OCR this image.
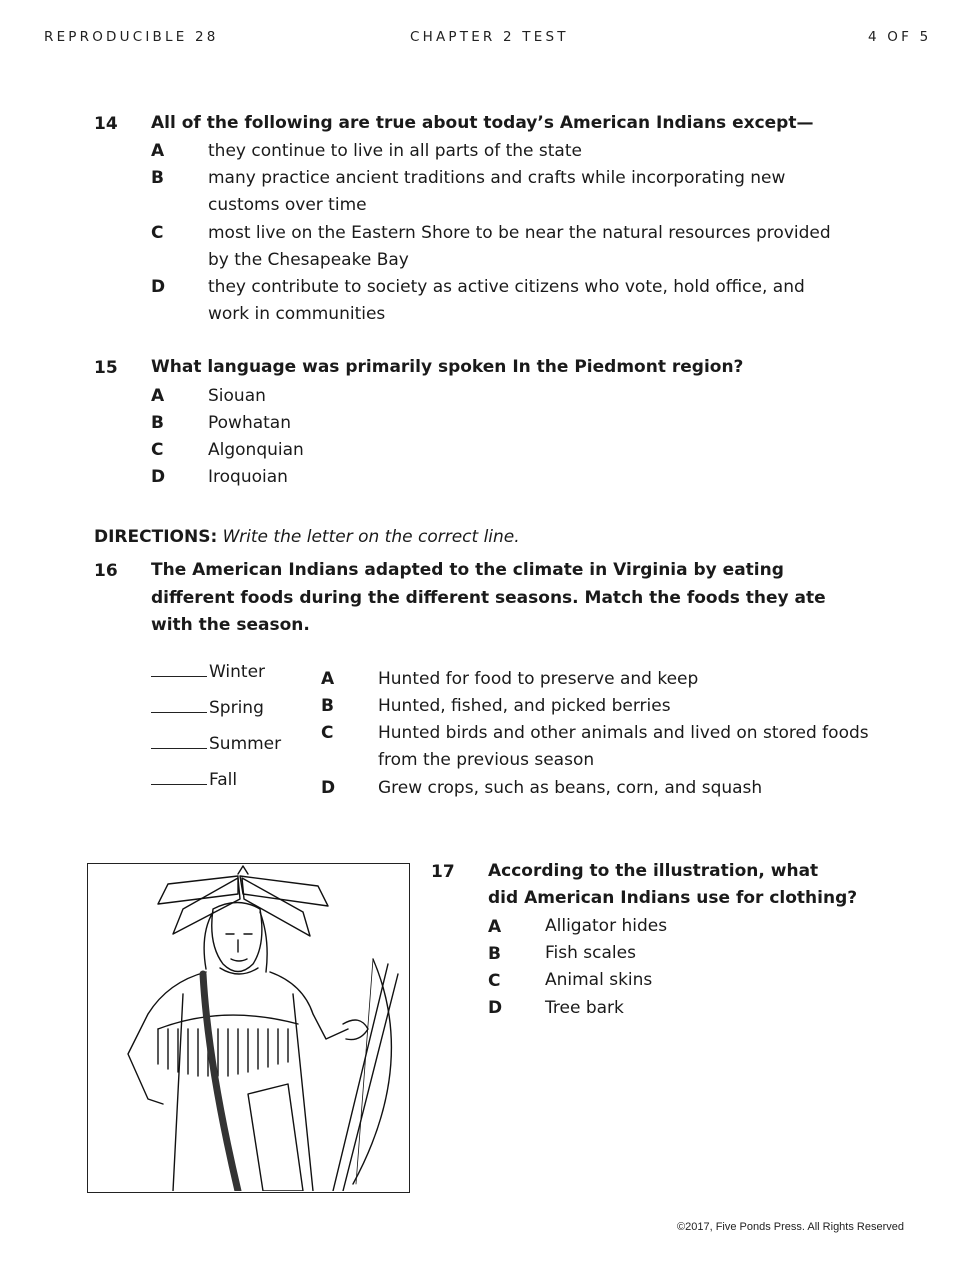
REPRODUCIBLE 28	CHAPTER 2 TEST	4 OF 5
14 All of the following are true about today’s American Indians except—
A	they continue to live in all parts of the state
B	many practice ancient traditions and crafts while incorporating new
customs over time
C	most live on the Eastern Shore to be near the natural resources provided
by the Chesapeake Bay
D	they contribute to society as active citizens who vote, hold office, and
work in communities
15 What language was primarily spoken In the Piedmont region?
A	Siouan
B	Powhatan
C	Algonquian
D	Iroquoian
DIRECTIONS: Write the letter on the correct line.
16 The American Indians adapted to the climate in Virginia by eating
different foods during the different seasons. Match the foods they ate
with the season.
Winter
Spring
Summer
Fall
A	Hunted for food to preserve and keep
B	Hunted, fished, and picked berries
C	Hunted birds and other animals and lived on stored foods
from the previous season
D	Grew crops, such as beans, corn, and squash
17 According to the illustration, what
did American Indians use for clothing?
A	Alligator hides
B	Fish scales
C	Animal skins
D	Tree bark
©2017, Five Ponds Press. All Rights Reserved
